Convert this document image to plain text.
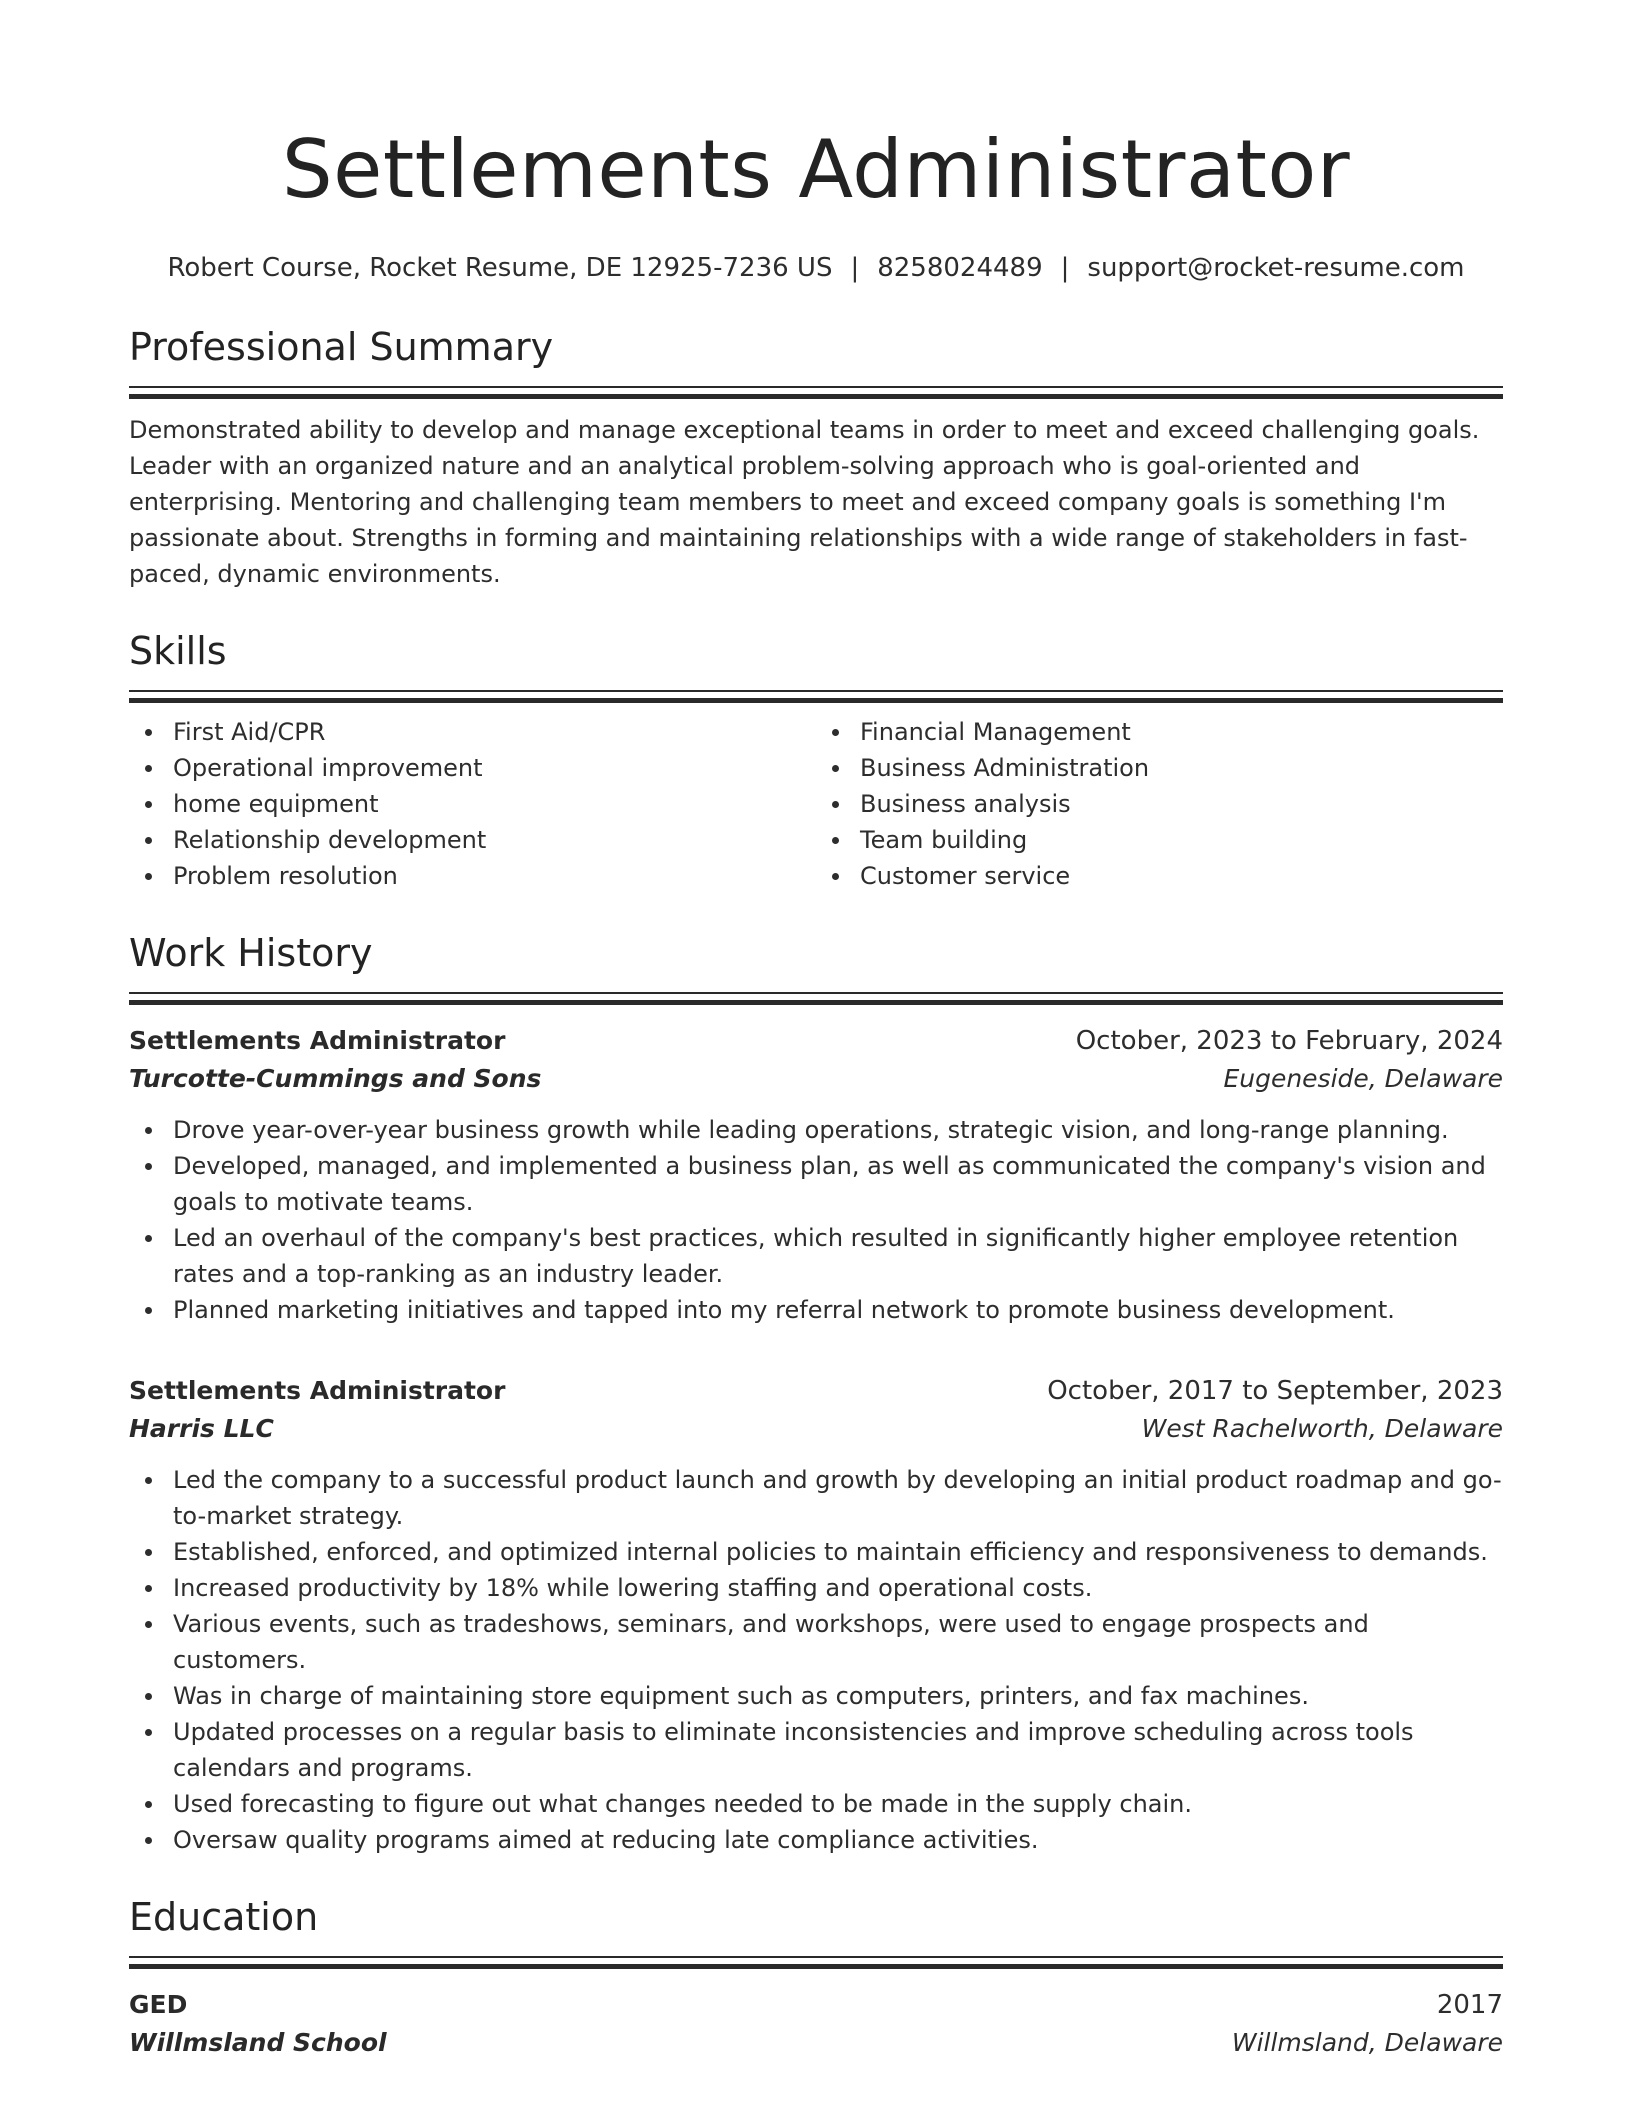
Settlements Administrator
Robert Course, Rocket Resume, DE 12925-7236 US | 8258024489 | support@rocket-resume.com
Professional Summary

Demonstrated ability to develop and manage exceptional teams in order to meet and exceed challenging goals. Leader with an organized nature and an analytical problem-solving approach who is goal-oriented and enterprising. Mentoring and challenging team members to meet and exceed company goals is something I'm passionate about. Strengths in forming and maintaining relationships with a wide range of stakeholders in fast-paced, dynamic environments.

Skills
First Aid/CPR
Operational improvement
home equipment
Relationship development
Problem resolution
Financial Management
Business Administration
Business analysis
Team building
Customer service
Work History
Settlements Administrator	October, 2023 to February, 2024
Turcotte-Cummings and Sons	Eugeneside, Delaware
Drove year-over-year business growth while leading operations, strategic vision, and long-range planning.
Developed, managed, and implemented a business plan, as well as communicated the company's vision and goals to motivate teams.
Led an overhaul of the company's best practices, which resulted in significantly higher employee retention rates and a top-ranking as an industry leader.
Planned marketing initiatives and tapped into my referral network to promote business development.
Settlements Administrator	October, 2017 to September, 2023
Harris LLC	West Rachelworth, Delaware
Led the company to a successful product launch and growth by developing an initial product roadmap and go-to-market strategy.
Established, enforced, and optimized internal policies to maintain efficiency and responsiveness to demands.
Increased productivity by 18% while lowering staffing and operational costs.
Various events, such as tradeshows, seminars, and workshops, were used to engage prospects and customers.
Was in charge of maintaining store equipment such as computers, printers, and fax machines.
Updated processes on a regular basis to eliminate inconsistencies and improve scheduling across tools calendars and programs.
Used forecasting to figure out what changes needed to be made in the supply chain.
Oversaw quality programs aimed at reducing late compliance activities.
Education
GED	2017
Willmsland School	Willmsland, Delaware
